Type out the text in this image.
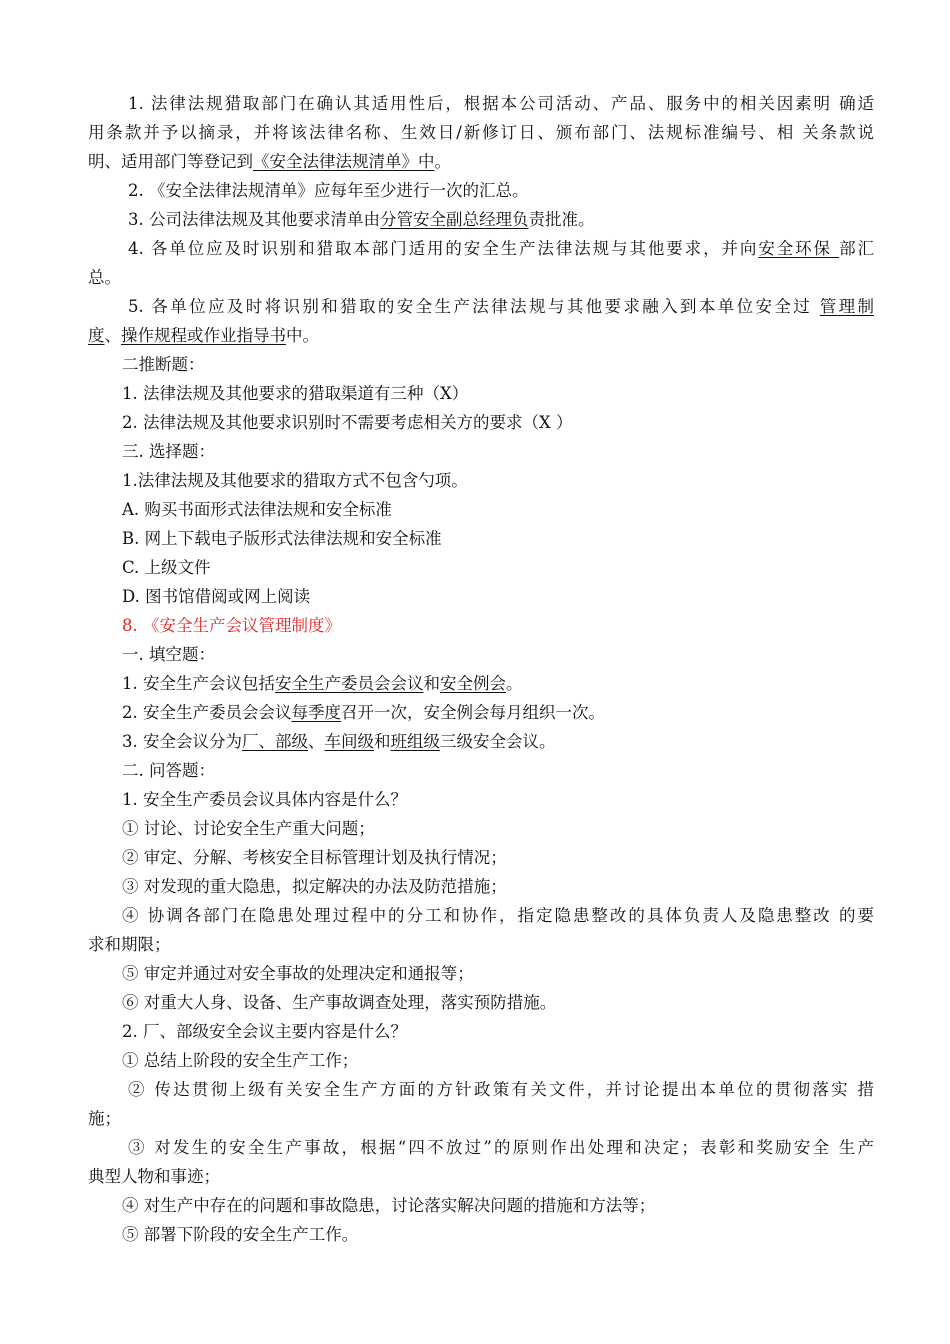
1. 法律法规猎取部门在确认其适用性后，根据本公司活动、产品、服务中的相关因素明 确适
用条款并予以摘录，并将该法律名称、生效日/新修订日、颁布部门、法规标准编号、相 关条款说
明、适用部门等登记到《安全法律法规清单》中。
2. 《安全法律法规清单》应每年至少进行一次的汇总。
3. 公司法律法规及其他要求清单由分管安全副总经理负责批准。
4. 各单位应及时识别和猎取本部门适用的安全生产法律法规与其他要求，并向安全环保 部汇
总。
5. 各单位应及时将识别和猎取的安全生产法律法规与其他要求融入到本单位安全过 管理制
度、操作规程或作业指导书中。
二推断题：
1. 法律法规及其他要求的猎取渠道有三种（X）
2. 法律法规及其他要求识别时不需要考虑相关方的要求（X ）
三. 选择题：
1.法律法规及其他要求的猎取方式不包含勺项。
A. 购买书面形式法律法规和安全标准
B. 网上下载电子版形式法律法规和安全标准
C. 上级文件
D. 图书馆借阅或网上阅读
8. 《安全生产会议管理制度》
一. 填空题：
1. 安全生产会议包括安全生产委员会会议和安全例会。
2. 安全生产委员会会议每季度召开一次，安全例会每月组织一次。
3. 安全会议分为厂、部级、车间级和班组级三级安全会议。
二. 问答题：
1. 安全生产委员会议具体内容是什么？
① 讨论、讨论安全生产重大问题；
② 审定、分解、考核安全目标管理计划及执行情况；
③ 对发现的重大隐患，拟定解决的办法及防范措施；
④ 协调各部门在隐患处理过程中的分工和协作，指定隐患整改的具体负责人及隐患整改 的要
求和期限；
⑤ 审定并通过对安全事故的处理决定和通报等；
⑥ 对重大人身、设备、生产事故调查处理，落实预防措施。
2. 厂、部级安全会议主要内容是什么？
① 总结上阶段的安全生产工作；
② 传达贯彻上级有关安全生产方面的方针政策有关文件，并讨论提出本单位的贯彻落实 措
施；
③ 对发生的安全生产事故，根据“四不放过”的原则作出处理和决定；表彰和奖励安全 生产
典型人物和事迹；
④ 对生产中存在的问题和事故隐患，讨论落实解决问题的措施和方法等；
⑤ 部署下阶段的安全生产工作。
